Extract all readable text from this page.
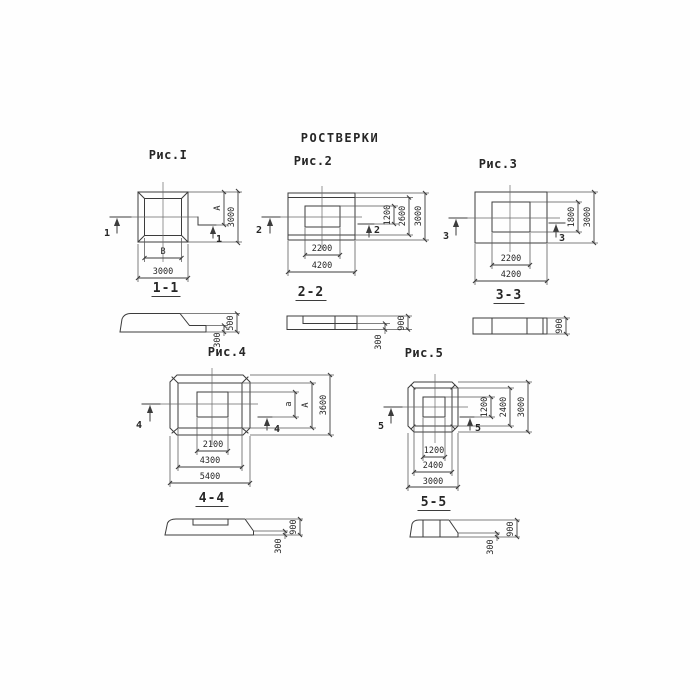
РОСТВЕРКИ
Рис.I
1
1
А 3000
В
3000
1-1
500
300
Рис.2
2	2
1200 2600 3000
2200
4200
2-2
900
300
Рис.3
3	3
1800 3000
2200
4200
3-3
900
Рис.4
4	4
а А 3600
2100
4300
5400
4-4
900
300
Рис.5
5	5
1200 2400 3000
1200
2400
3000
5-5
900
300
